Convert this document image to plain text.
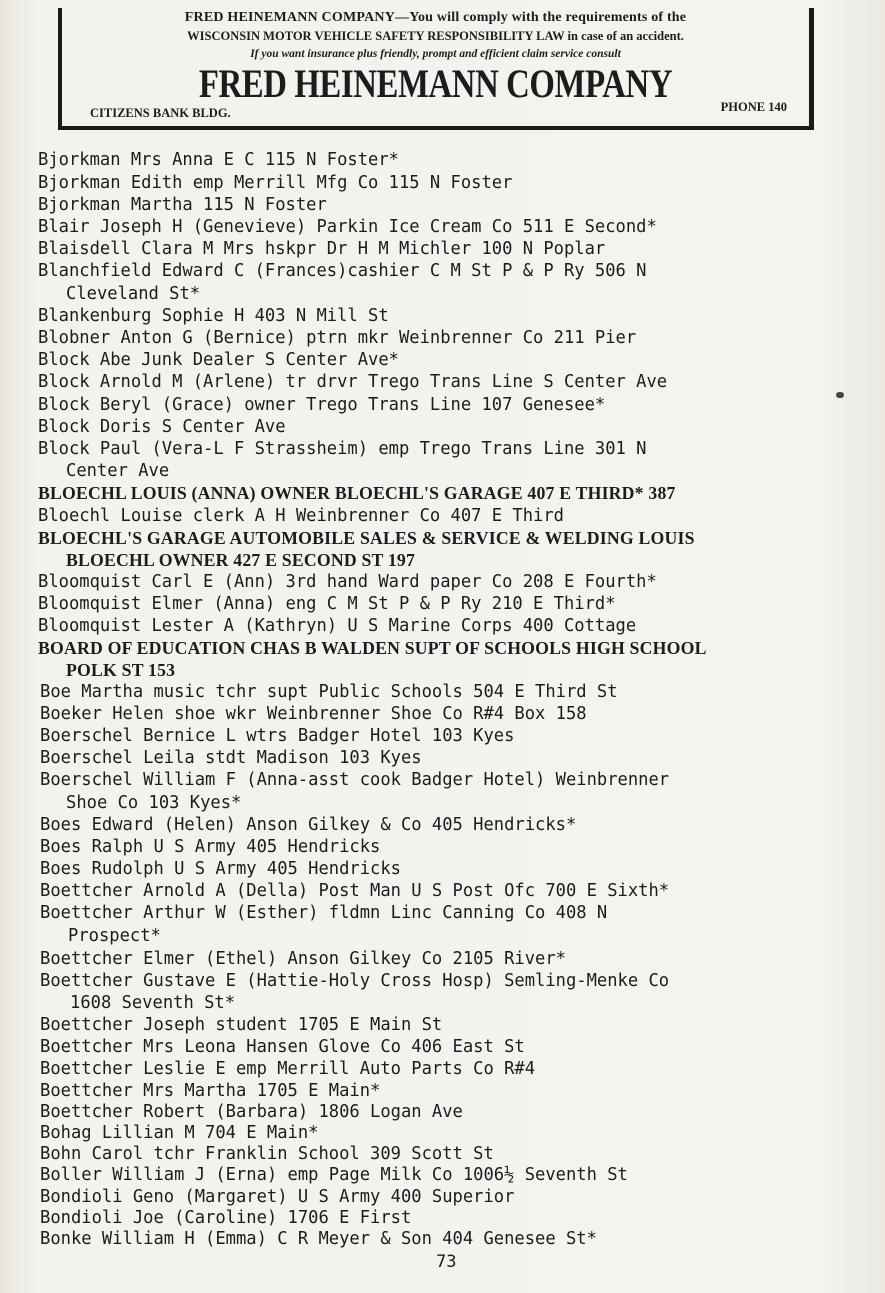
FRED HEINEMANN COMPANY—You will comply with the requirements of the
WISCONSIN MOTOR VEHICLE SAFETY RESPONSIBILITY LAW in case of an accident.
If you want insurance plus friendly, prompt and efficient claim service consult
FRED HEINEMANN COMPANY
CITIZENS BANK BLDG.	PHONE 140
Bjorkman Mrs Anna E C 115 N Foster*
Bjorkman Edith emp Merrill Mfg Co 115 N Foster
Bjorkman Martha 115 N Foster
Blair Joseph H (Genevieve) Parkin Ice Cream Co 511 E Second*
Blaisdell Clara M Mrs hskpr Dr H M Michler 100 N Poplar
Blanchfield Edward C (Frances)cashier C M St P & P Ry 506 N
Cleveland St*
Blankenburg Sophie H 403 N Mill St
Blobner Anton G (Bernice) ptrn mkr Weinbrenner Co 211 Pier
Block Abe Junk Dealer S Center Ave*
Block Arnold M (Arlene) tr drvr Trego Trans Line S Center Ave
Block Beryl (Grace) owner Trego Trans Line 107 Genesee*
Block Doris S Center Ave
Block Paul (Vera-L F Strassheim) emp Trego Trans Line 301 N
Center Ave
BLOECHL LOUIS (ANNA) OWNER BLOECHL'S GARAGE 407 E THIRD* 387
Bloechl Louise clerk A H Weinbrenner Co 407 E Third
BLOECHL'S GARAGE AUTOMOBILE SALES & SERVICE & WELDING LOUIS
BLOECHL OWNER 427 E SECOND ST 197
Bloomquist Carl E (Ann) 3rd hand Ward paper Co 208 E Fourth*
Bloomquist Elmer (Anna) eng C M St P & P Ry 210 E Third*
Bloomquist Lester A (Kathryn) U S Marine Corps 400 Cottage
BOARD OF EDUCATION CHAS B WALDEN SUPT OF SCHOOLS HIGH SCHOOL
POLK ST 153
Boe Martha music tchr supt Public Schools 504 E Third St
Boeker Helen shoe wkr Weinbrenner Shoe Co R#4 Box 158
Boerschel Bernice L wtrs Badger Hotel 103 Kyes
Boerschel Leila stdt Madison 103 Kyes
Boerschel William F (Anna-asst cook Badger Hotel) Weinbrenner
Shoe Co 103 Kyes*
Boes Edward (Helen) Anson Gilkey & Co 405 Hendricks*
Boes Ralph U S Army 405 Hendricks
Boes Rudolph U S Army 405 Hendricks
Boettcher Arnold A (Della) Post Man U S Post Ofc 700 E Sixth*
Boettcher Arthur W (Esther) fldmn Linc Canning Co 408 N
Prospect*
Boettcher Elmer (Ethel) Anson Gilkey Co 2105 River*
Boettcher Gustave E (Hattie-Holy Cross Hosp) Semling-Menke Co
1608 Seventh St*
Boettcher Joseph student 1705 E Main St
Boettcher Mrs Leona Hansen Glove Co 406 East St
Boettcher Leslie E emp Merrill Auto Parts Co R#4
Boettcher Mrs Martha 1705 E Main*
Boettcher Robert (Barbara) 1806 Logan Ave
Bohag Lillian M 704 E Main*
Bohn Carol tchr Franklin School 309 Scott St
Boller William J (Erna) emp Page Milk Co 1006½ Seventh St
Bondioli Geno (Margaret) U S Army 400 Superior
Bondioli Joe (Caroline) 1706 E First
Bonke William H (Emma) C R Meyer & Son 404 Genesee St*
73
